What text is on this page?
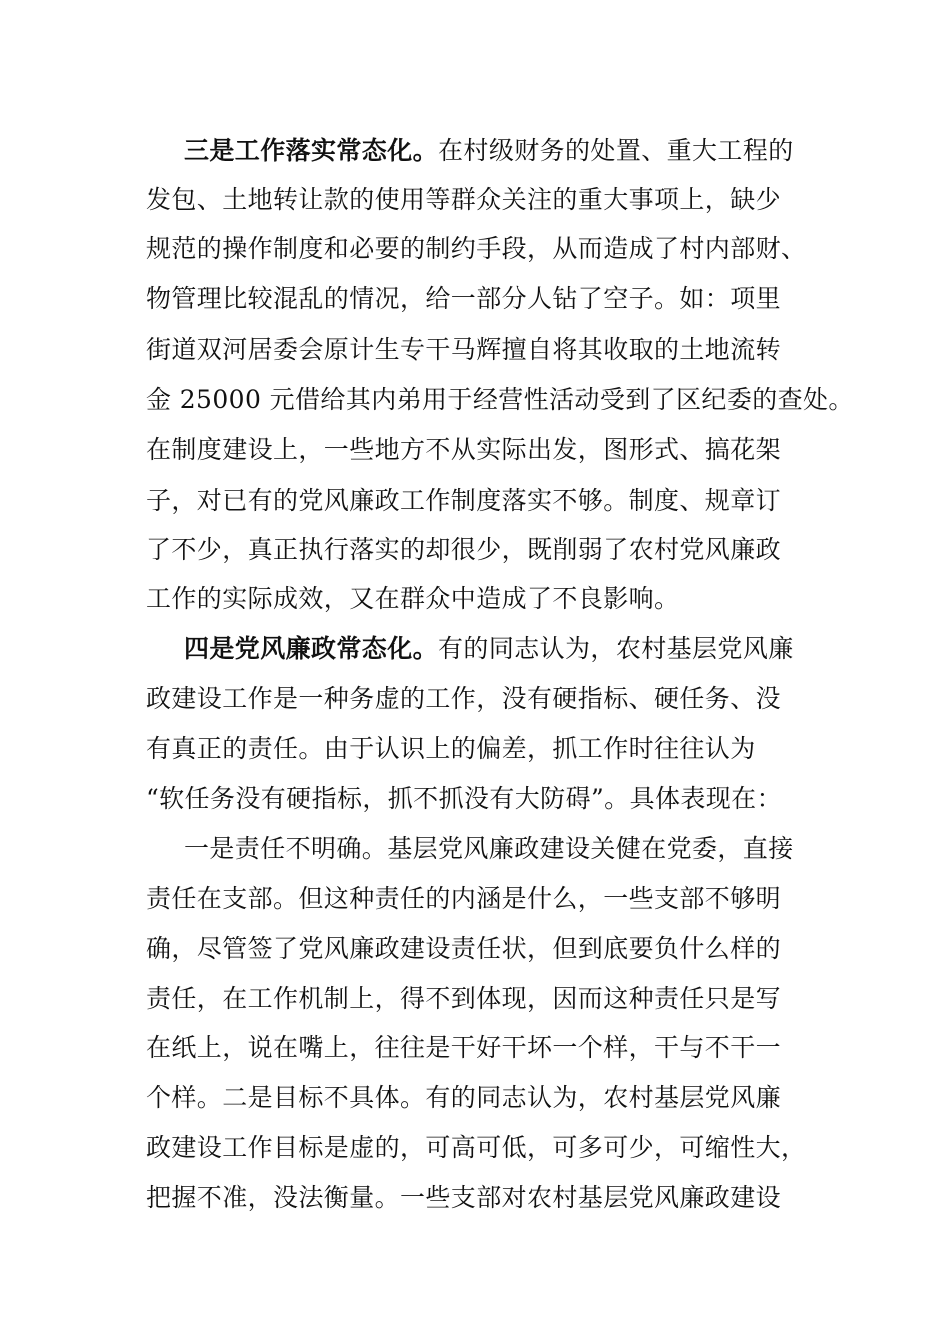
三是工作落实常态化。在村级财务的处置、重大工程的
发包、土地转让款的使用等群众关注的重大事项上，缺少
规范的操作制度和必要的制约手段，从而造成了村内部财、
物管理比较混乱的情况，给一部分人钻了空子。如：项里
街道双河居委会原计生专干马辉擅自将其收取的土地流转
金 25000 元借给其内弟用于经营性活动受到了区纪委的查处。
在制度建设上，一些地方不从实际出发，图形式、搞花架
子，对已有的党风廉政工作制度落实不够。制度、规章订
了不少，真正执行落实的却很少，既削弱了农村党风廉政
工作的实际成效，又在群众中造成了不良影响。
四是党风廉政常态化。有的同志认为，农村基层党风廉
政建设工作是一种务虚的工作，没有硬指标、硬任务、没
有真正的责任。由于认识上的偏差，抓工作时往往认为
“软任务没有硬指标，抓不抓没有大防碍”。具体表现在：
一是责任不明确。基层党风廉政建设关健在党委，直接
责任在支部。但这种责任的内涵是什么，一些支部不够明
确，尽管签了党风廉政建设责任状，但到底要负什么样的
责任，在工作机制上，得不到体现，因而这种责任只是写
在纸上，说在嘴上，往往是干好干坏一个样，干与不干一
个样。二是目标不具体。有的同志认为，农村基层党风廉
政建设工作目标是虚的，可高可低，可多可少，可缩性大，
把握不准，没法衡量。一些支部对农村基层党风廉政建设
